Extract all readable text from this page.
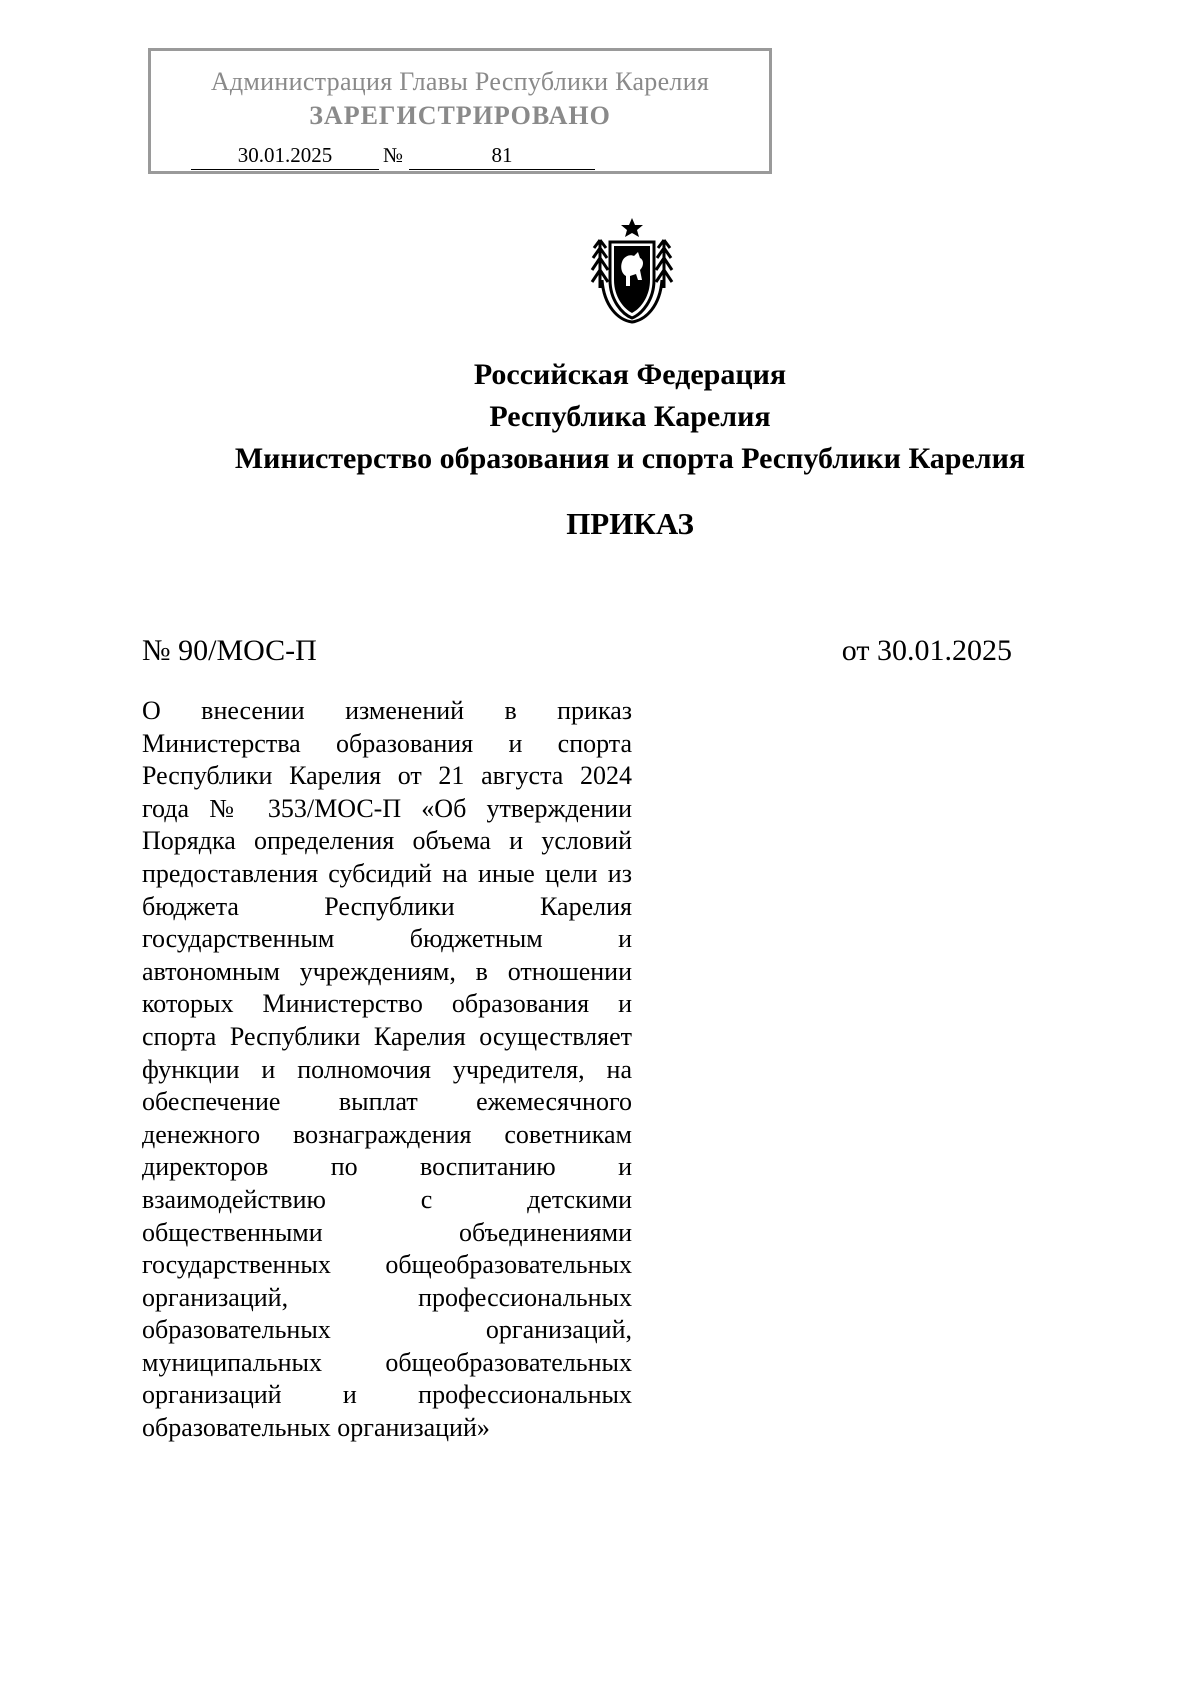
Администрация Главы Республики Карелия
ЗАРЕГИСТРИРОВАНО
30.01.2025	№	81
Российская Федерация
Республика Карелия
Министерство образования и спорта Республики Карелия
ПРИКАЗ
№ 90/МОС-П	от 30.01.2025
О внесении изменений в приказ Министерства образования и спорта Республики Карелия от 21 августа 2024 года № 353/МОС-П «Об утверждении Порядка определения объема и условий предоставления субсидий на иные цели из бюджета Республики Карелия государственным бюджетным и автономным учреждениям, в отношении которых Министерство образования и спорта Республики Карелия осуществляет функции и полномочия учредителя, на обеспечение выплат ежемесячного денежного вознаграждения советникам директоров по воспитанию и взаимодействию с детскими общественными объединениями государственных общеобразовательных организаций, профессиональных образовательных организаций, муниципальных общеобразовательных организаций и профессиональных образовательных организаций»
